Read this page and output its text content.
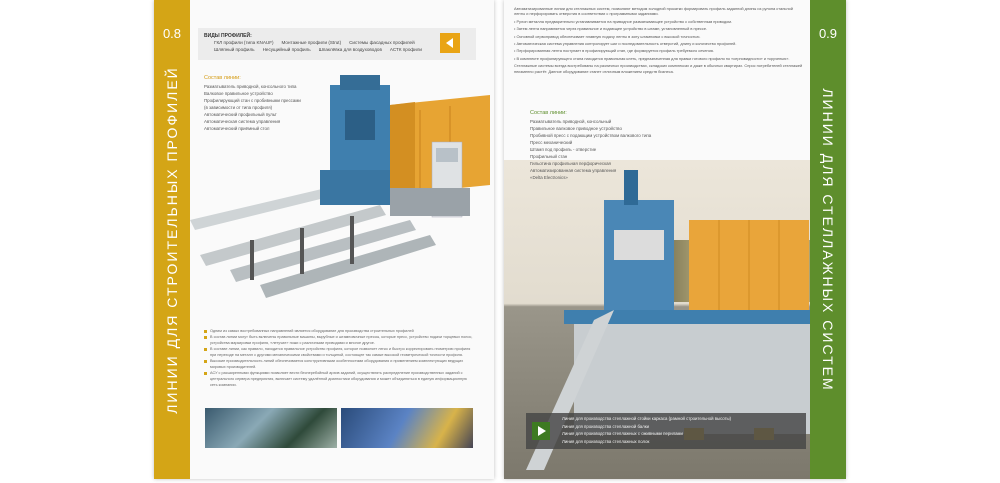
0.8
ЛИНИИ ДЛЯ СТРОИТЕЛЬНЫХ ПРОФИЛЕЙ
ВИДЫ ПРОФИЛЕЙ:
ГКЛ профили (типа KNAUF) Монтажные профили (Strut) Системы фасадных профилей
Шляпный профиль Несущийный профиль Шпаклёвка для воздуховодов АСТК профили
Состав линии:
Разматыватель приводной, консольного типа
Валковое правильное устройство
Профилирующий стан с пробивными прессами
(в зависимости от типа профиля)
Автоматический профильный пульт
Автоматическая система управления
Автоматический приёмный стол
Одним из самых востребованных направлений является оборудование для производства строительных профилей
В состав линии могут быть включены правильные машины, вырубные и штамповочные прессы, которые пресс, устройство подачи торцевых полос, устройства маркировки профиля, «летучие» ножи с различными приводами и многое другое.
В составе линии, как правило, находится правильное устройство профиля, которое позволяет легко и быстро корректировать геометрию профиля при переходе на металл с другими механическими свойствами и толщиной, состоящее так самые высокой геометрической точности профиля.
Высокие производительность линий обеспечивается конструктивными особенностями оборудования и применением комплектующих ведущих мировых производителей.
АСУ с расширенными функциями позволяет вести бесперебойный архив заданий, осуществлять распределение производственных заданий с центрального сервера предприятия, включает систему удалённой диагностики оборудования и может объединяться в единую информационную сеть компании.

Автоматизированные линии для стеллажных систем, позволяют методом холодной прокатки формировать профиль заданной длины из рулона стальной ленты и перфорировать отверстия в соответствии с программными заданиями.

• Рулон металла предварительно устанавливается на приводное разматывающее устройство с собственным приводом.

• Затем лента направляется через правильное и подающее устройство в штамп, установленный в прессе.

• Основной сервопривод обеспечивает плавную подачу ленты в зону штамповки с высокой точностью.

• Автоматическая система управления контролирует шаг и последовательность отверстий, длину и количество профилей.

• Перфорированная лента поступает в профилирующий стан, где формируется профиль требуемого сечения.

• В комплекте профилирующего стана находится правильная клеть, предназначенная для правки готового профиля по «серповидности» и «крученью».

Стеллажные системы всегда востребованы на различных производствах, складских комплексах и даже в обычных квартирах. Спрос потребителей стеллажей неизменно растёт. Данное оборудование станет отличным вложением средств бизнеса.

Состав линии:
Разматыватель приводной, консольный
Правильное валковое приводное устройство
Пробивной пресс с подающим устройством валкового типа
Пресс механический
Штамп под профиль - отверстие
Профильный стан
Гильотина профильная перфорическая
Автоматизированная система управления
«Delta Electronics»
Линия для производства стеллажной стойки каркаса (рамной строительной высоты)
Линия для производства стеллажной балки
Линия для производства стеллажных с оживными перилами
Линия для производства стеллажных полок
0.9
ЛИНИИ ДЛЯ СТЕЛЛАЖНЫХ СИСТЕМ
